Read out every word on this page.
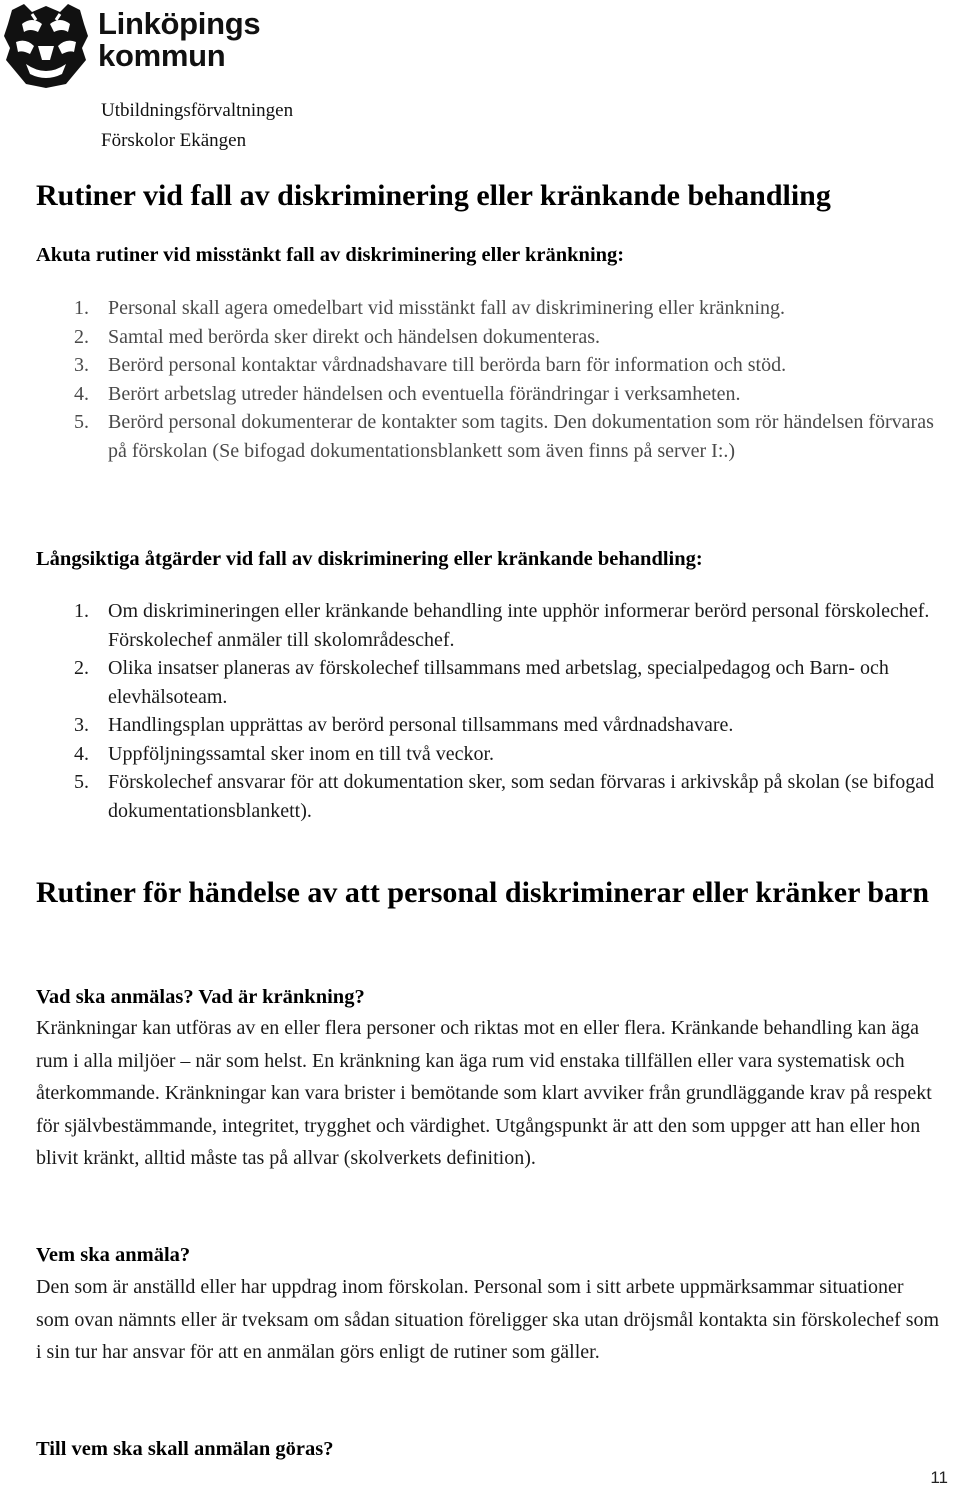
Linköpings
kommun
Utbildningsförvaltningen
Förskolor Ekängen
Rutiner vid fall av diskriminering eller kränkande behandling
Akuta rutiner vid misstänkt fall av diskriminering eller kränkning:
1. Personal skall agera omedelbart vid misstänkt fall av diskriminering eller kränkning.
2. Samtal med berörda sker direkt och händelsen dokumenteras.
3. Berörd personal kontaktar vårdnadshavare till berörda barn för information och stöd.
4. Berört arbetslag utreder händelsen och eventuella förändringar i verksamheten.
5. Berörd personal dokumenterar de kontakter som tagits. Den dokumentation som rör händelsen förvaras på förskolan (Se bifogad dokumentationsblankett som även finns på server I:.)
Långsiktiga åtgärder vid fall av diskriminering eller kränkande behandling:
1. Om diskrimineringen eller kränkande behandling inte upphör informerar berörd personal förskolechef. Förskolechef anmäler till skolområdeschef.
2. Olika insatser planeras av förskolechef tillsammans med arbetslag, specialpedagog och Barn- och elevhälsoteam.
3. Handlingsplan upprättas av berörd personal tillsammans med vårdnadshavare.
4. Uppföljningssamtal sker inom en till två veckor.
5. Förskolechef ansvarar för att dokumentation sker, som sedan förvaras i arkivskåp på skolan (se bifogad dokumentationsblankett).
Rutiner för händelse av att personal diskriminerar eller kränker barn
Vad ska anmälas? Vad är kränkning?

Kränkningar kan utföras av en eller flera personer och riktas mot en eller flera. Kränkande behandling kan äga rum i alla miljöer – när som helst. En kränkning kan äga rum vid enstaka tillfällen eller vara systematisk och återkommande. Kränkningar kan vara brister i bemötande som klart avviker från grundläggande krav på respekt för självbestämmande, integritet, trygghet och värdighet. Utgångspunkt är att den som uppger att han eller hon blivit kränkt, alltid måste tas på allvar (skolverkets definition).

Vem ska anmäla?

Den som är anställd eller har uppdrag inom förskolan. Personal som i sitt arbete uppmärksammar situationer som ovan nämnts eller är tveksam om sådan situation föreligger ska utan dröjsmål kontakta sin förskolechef som i sin tur har ansvar för att en anmälan görs enligt de rutiner som gäller.

Till vem ska skall anmälan göras?
11
